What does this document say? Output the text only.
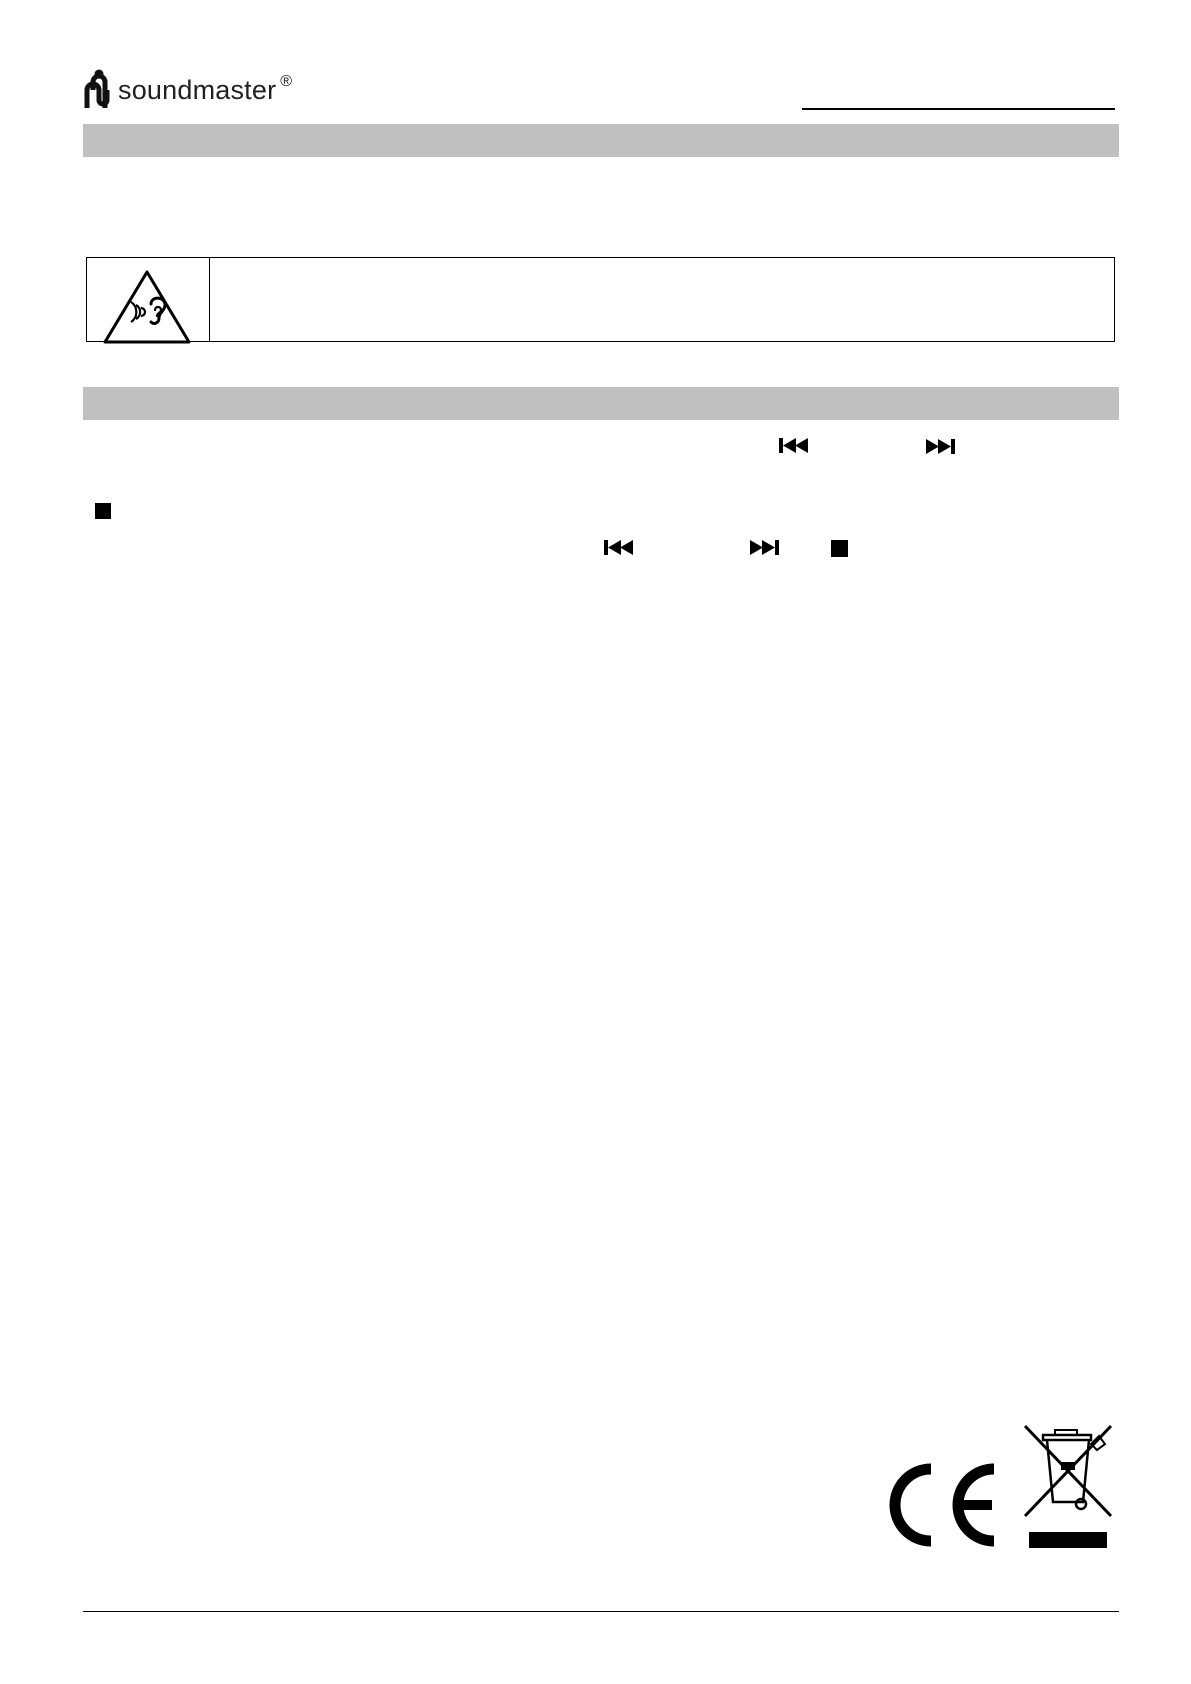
soundmaster ®
